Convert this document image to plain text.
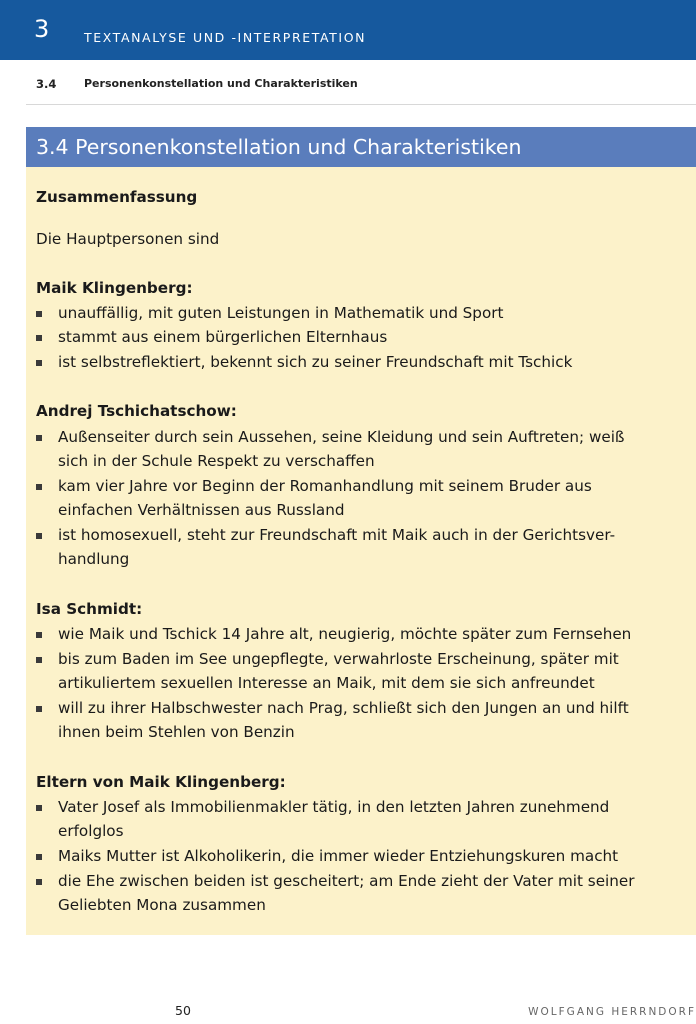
3	TEXTANALYSE UND -INTERPRETATION
3.4	Personenkonstellation und Charakteristiken
3.4 Personenkonstellation und Charakteristiken
Zusammenfassung
Die Hauptpersonen sind
Maik Klingenberg:
unauffällig, mit guten Leistungen in Mathematik und Sport
stammt aus einem bürgerlichen Elternhaus
ist selbstreflektiert, bekennt sich zu seiner Freundschaft mit Tschick
Andrej Tschichatschow:
Außenseiter durch sein Aussehen, seine Kleidung und sein Auftreten; weiß
sich in der Schule Respekt zu verschaffen
kam vier Jahre vor Beginn der Romanhandlung mit seinem Bruder aus
einfachen Verhältnissen aus Russland
ist homosexuell, steht zur Freundschaft mit Maik auch in der Gerichtsver-
handlung
Isa Schmidt:
wie Maik und Tschick 14 Jahre alt, neugierig, möchte später zum Fernsehen
bis zum Baden im See ungepflegte, verwahrloste Erscheinung, später mit
artikuliertem sexuellen Interesse an Maik, mit dem sie sich anfreundet
will zu ihrer Halbschwester nach Prag, schließt sich den Jungen an und hilft
ihnen beim Stehlen von Benzin
Eltern von Maik Klingenberg:
Vater Josef als Immobilienmakler tätig, in den letzten Jahren zunehmend
erfolglos
Maiks Mutter ist Alkoholikerin, die immer wieder Entziehungskuren macht
die Ehe zwischen beiden ist gescheitert; am Ende zieht der Vater mit seiner
Geliebten Mona zusammen
50	WOLFGANG HERRNDORF
